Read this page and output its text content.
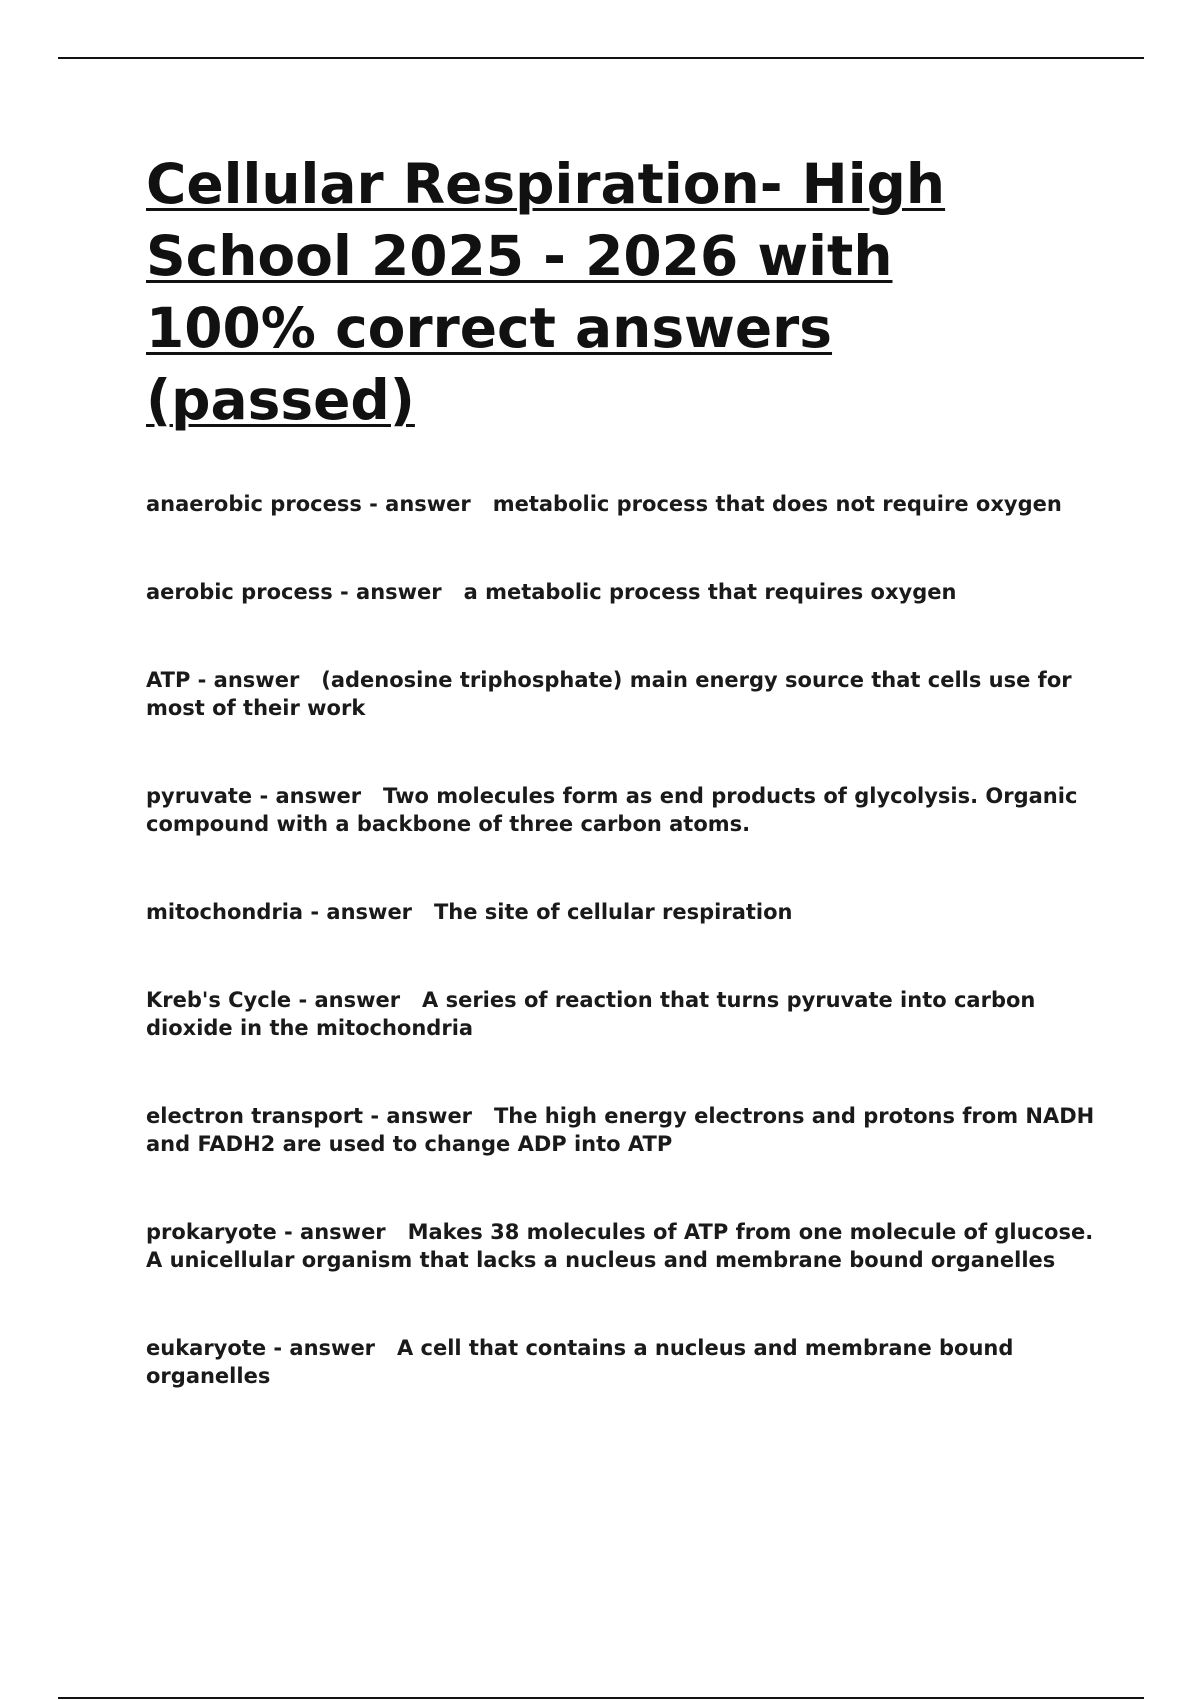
Cellular Respiration- High School 2025 - 2026 with 100% correct answers (passed)

anaerobic process - answer   metabolic process that does not require oxygen

aerobic process - answer   a metabolic process that requires oxygen

ATP - answer   (adenosine triphosphate) main energy source that cells use for most of their work

pyruvate - answer   Two molecules form as end products of glycolysis. Organic compound with a backbone of three carbon atoms.

mitochondria - answer   The site of cellular respiration

Kreb's Cycle - answer   A series of reaction that turns pyruvate into carbon dioxide in the mitochondria

electron transport - answer   The high energy electrons and protons from NADH and FADH2 are used to change ADP into ATP

prokaryote - answer   Makes 38 molecules of ATP from one molecule of glucose. A unicellular organism that lacks a nucleus and membrane bound organelles

eukaryote - answer   A cell that contains a nucleus and membrane bound organelles
